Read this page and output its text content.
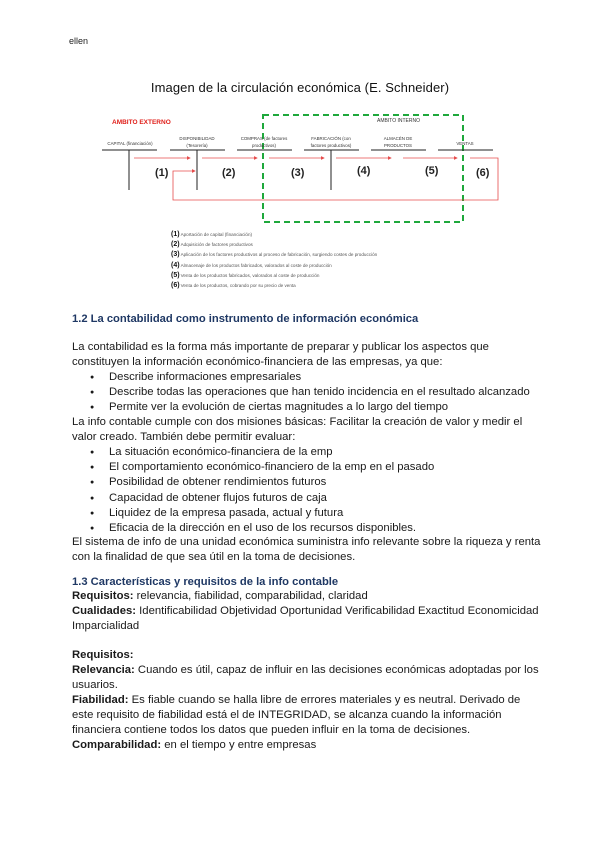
ellen
Imagen de la circulación económica (E. Schneider)
AMBITO EXTERNO	AMBITO INTERNO
CAPITAL (financiación)
DISPONIBILIDAD
(Tesorería)
COMPRAS (de factores
productivos)
FABRICACIÓN (con
factores productivos)
ALMACÉN DE
PRODUCTOS	VENTAS
(1)	(2)	(3)	(4)	(5)	(6)
(1)Aportación de capital (financiación)
(2)Adquisición de factores productivos
(3)Aplicación de los factores productivos al proceso de fabricación, surgiendo costes de producción
(4)Almacenaje de los productos fabricados, valorados al coste de producción
(5)Venta de los productos fabricados, valorados al coste de producción
(6)Venta de los productos, cobrando por su precio de venta
1.2 La contabilidad como instrumento de información económica
La contabilidad es la forma más importante de preparar y publicar los aspectos que constituyen la información económico-financiera de las empresas, ya que:
● Describe informaciones empresariales
● Describe todas las operaciones que han tenido incidencia en el resultado alcanzado
● Permite ver la evolución de ciertas magnitudes a lo largo del tiempo
La info contable cumple con dos misiones básicas: Facilitar la creación de valor y medir el valor creado. También debe permitir evaluar:
● La situación económico-financiera de la emp
● El comportamiento económico-financiero de la emp en el pasado
● Posibilidad de obtener rendimientos futuros
● Capacidad de obtener flujos futuros de caja
● Liquidez de la empresa pasada, actual y futura
● Eficacia de la dirección en el uso de los recursos disponibles.
El sistema de info de una unidad económica suministra info relevante sobre la riqueza y renta con la finalidad de que sea útil en la toma de decisiones.
1.3 Características y requisitos de la info contable
Requisitos: relevancia, fiabilidad, comparabilidad, claridad
Cualidades: Identificabilidad Objetividad Oportunidad Verificabilidad Exactitud Economicidad Imparcialidad
Requisitos:
Relevancia: Cuando es útil, capaz de influir en las decisiones económicas adoptadas por los usuarios.
Fiabilidad: Es fiable cuando se halla libre de errores materiales y es neutral. Derivado de este requisito de fiabilidad está el de INTEGRIDAD, se alcanza cuando la información financiera contiene todos los datos que pueden influir en la toma de decisiones.
Comparabilidad: en el tiempo y entre empresas
